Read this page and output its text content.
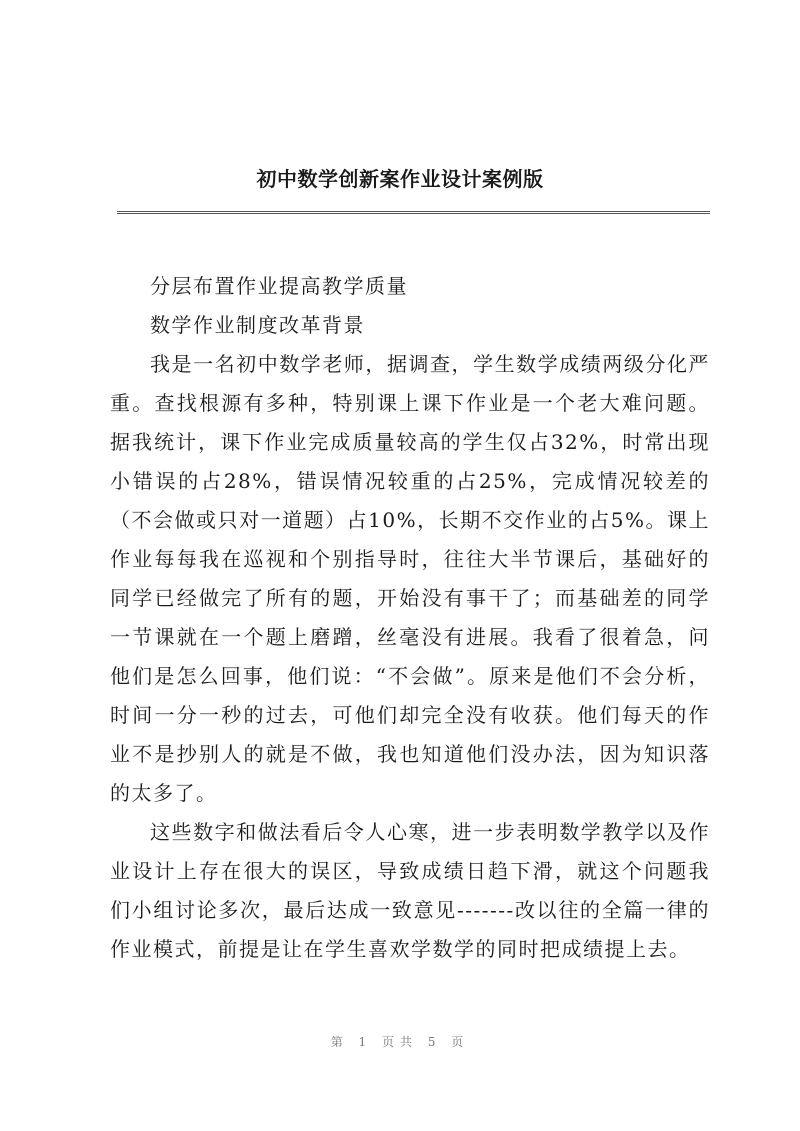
初中数学创新案作业设计案例版

分层布置作业提高教学质量

数学作业制度改革背景

我是一名初中数学老师，据调查，学生数学成绩两级分化严重。查找根源有多种，特别课上课下作业是一个老大难问题。据我统计，课下作业完成质量较高的学生仅占32%，时常出现小错误的占28%，错误情况较重的占25%，完成情况较差的（不会做或只对一道题）占10%，长期不交作业的占5%。课上作业每每我在巡视和个别指导时，往往大半节课后，基础好的同学已经做完了所有的题，开始没有事干了；而基础差的同学一节课就在一个题上磨蹭，丝毫没有进展。我看了很着急，问他们是怎么回事，他们说：“不会做”。原来是他们不会分析，时间一分一秒的过去，可他们却完全没有收获。他们每天的作业不是抄别人的就是不做，我也知道他们没办法，因为知识落的太多了。

这些数字和做法看后令人心寒，进一步表明数学教学以及作业设计上存在很大的误区，导致成绩日趋下滑，就这个问题我们小组讨论多次，最后达成一致意见-------改以往的全篇一律的作业模式，前提是让在学生喜欢学数学的同时把成绩提上去。

第 1 页共 5 页
